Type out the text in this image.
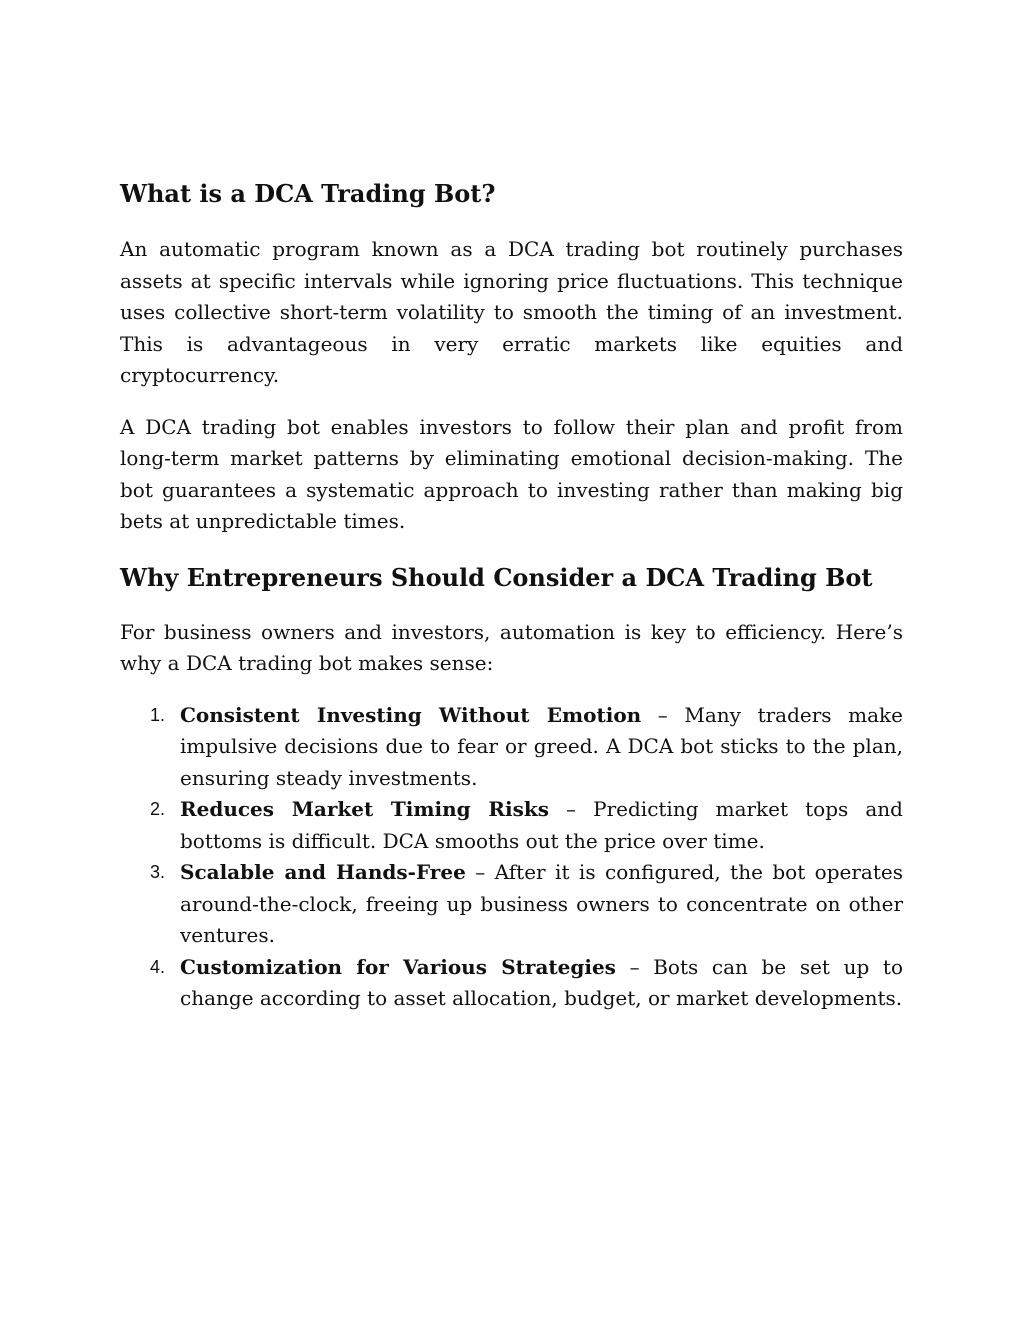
What is a DCA Trading Bot?

An automatic program known as a DCA trading bot routinely purchases assets at specific intervals while ignoring price fluctuations. This technique uses collective short-term volatility to smooth the timing of an investment. This is advantageous in very erratic markets like equities and cryptocurrency.

A DCA trading bot enables investors to follow their plan and profit from long-term market patterns by eliminating emotional decision-making. The bot guarantees a systematic approach to investing rather than making big bets at unpredictable times.

Why Entrepreneurs Should Consider a DCA Trading Bot

For business owners and investors, automation is key to efficiency. Here’s why a DCA trading bot makes sense:

1. Consistent Investing Without Emotion – Many traders make impulsive decisions due to fear or greed. A DCA bot sticks to the plan, ensuring steady investments.
2. Reduces Market Timing Risks – Predicting market tops and bottoms is difficult. DCA smooths out the price over time.
3. Scalable and Hands-Free – After it is configured, the bot operates around-the-clock, freeing up business owners to concentrate on other ventures.
4. Customization for Various Strategies – Bots can be set up to change according to asset allocation, budget, or market developments.
